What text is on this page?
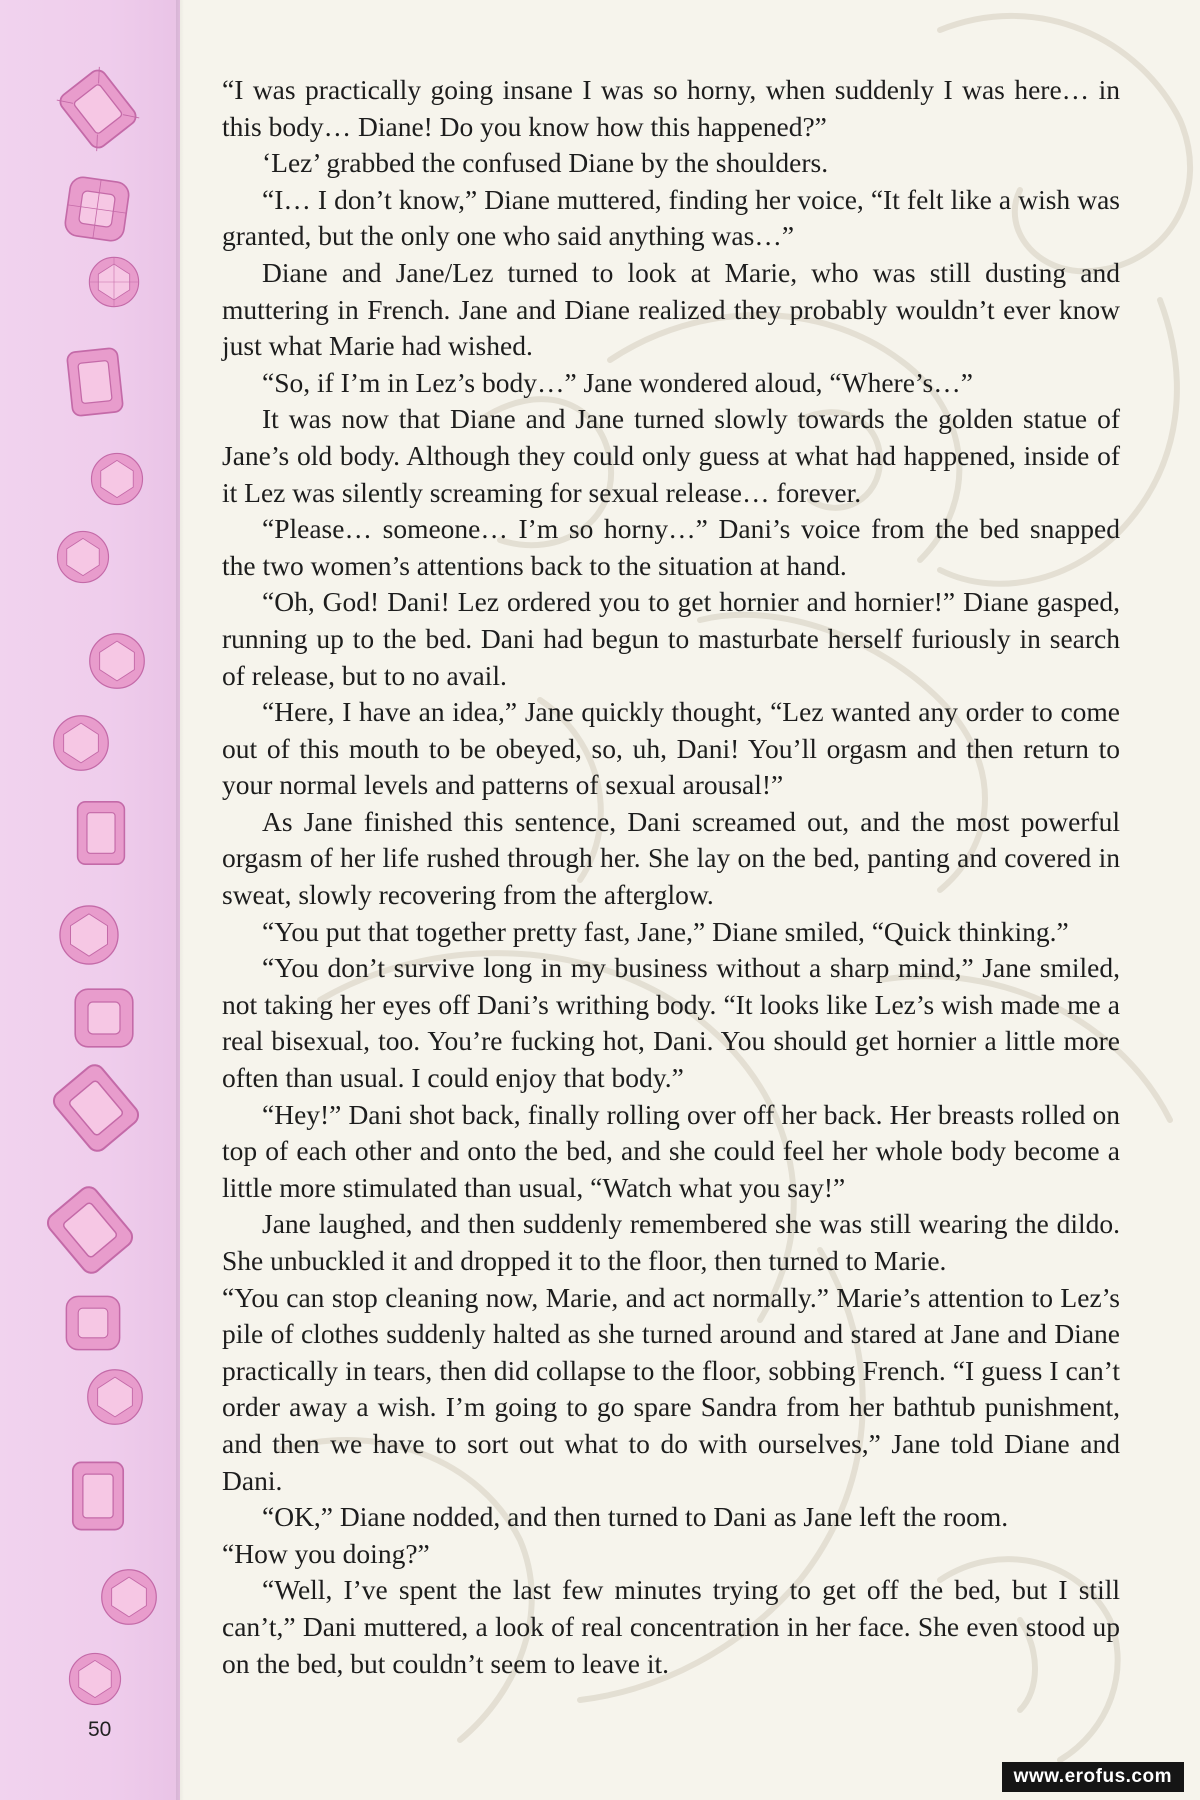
50

“I was practically going insane I was so horny, when suddenly I was here… in this body… Diane! Do you know how this happened?”

‘Lez’ grabbed the confused Diane by the shoulders.

“I… I don’t know,” Diane muttered, finding her voice, “It felt like a wish was granted, but the only one who said anything was…”

Diane and Jane/Lez turned to look at Marie, who was still dusting and muttering in French. Jane and Diane realized they probably wouldn’t ever know just what Marie had wished.

“So, if I’m in Lez’s body…” Jane wondered aloud, “Where’s…”

It was now that Diane and Jane turned slowly towards the golden statue of Jane’s old body. Although they could only guess at what had happened, inside of it Lez was silently screaming for sexual release… forever.

“Please… someone… I’m so horny…” Dani’s voice from the bed snapped the two women’s attentions back to the situation at hand.

“Oh, God! Dani! Lez ordered you to get hornier and hornier!” Diane gasped, running up to the bed. Dani had begun to masturbate herself furiously in search of release, but to no avail.

“Here, I have an idea,” Jane quickly thought, “Lez wanted any order to come out of this mouth to be obeyed, so, uh, Dani! You’ll orgasm and then return to your normal levels and patterns of sexual arousal!”

As Jane finished this sentence, Dani screamed out, and the most powerful orgasm of her life rushed through her. She lay on the bed, panting and covered in sweat, slowly recovering from the afterglow.

“You put that together pretty fast, Jane,” Diane smiled, “Quick thinking.”

“You don’t survive long in my business without a sharp mind,” Jane smiled, not taking her eyes off Dani’s writhing body. “It looks like Lez’s wish made me a real bisexual, too. You’re fucking hot, Dani. You should get hornier a little more often than usual. I could enjoy that body.”

“Hey!” Dani shot back, finally rolling over off her back. Her breasts rolled on top of each other and onto the bed, and she could feel her whole body become a little more stimulated than usual, “Watch what you say!”

Jane laughed, and then suddenly remembered she was still wearing the dildo. She unbuckled it and dropped it to the floor, then turned to Marie.

“You can stop cleaning now, Marie, and act normally.” Marie’s attention to Lez’s pile of clothes suddenly halted as she turned around and stared at Jane and Diane practically in tears, then did collapse to the floor, sobbing French. “I guess I can’t order away a wish. I’m going to go spare Sandra from her bathtub punishment, and then we have to sort out what to do with ourselves,” Jane told Diane and Dani.

“OK,” Diane nodded, and then turned to Dani as Jane left the room.

“How you doing?”

“Well, I’ve spent the last few minutes trying to get off the bed, but I still can’t,” Dani muttered, a look of real concentration in her face. She even stood up on the bed, but couldn’t seem to leave it.

www.erofus.com
